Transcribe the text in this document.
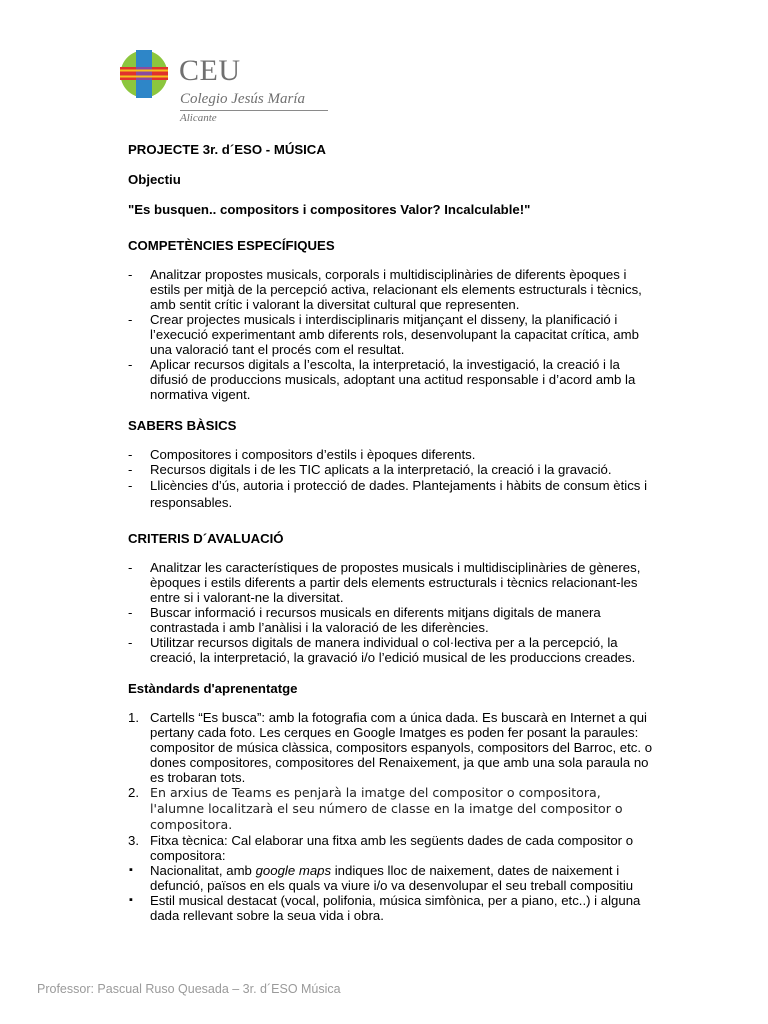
CEU
Colegio Jesús María
Alicante

PROJECTE 3r. d´ESO - MÚSICA

Objectiu

"Es busquen.. compositors i compositores Valor? Incalculable!"

COMPETÈNCIES ESPECÍFIQUES

- Analitzar propostes musicals, corporals i multidisciplinàries de diferents èpoques i estils per mitjà de la percepció activa, relacionant els elements estructurals i tècnics, amb sentit crític i valorant la diversitat cultural que representen.
- Crear projectes musicals i interdisciplinaris mitjançant el disseny, la planificació i l’execució experimentant amb diferents rols, desenvolupant la capacitat crítica, amb una valoració tant el procés com el resultat.
- Aplicar recursos digitals a l’escolta, la interpretació, la investigació, la creació i la difusió de produccions musicals, adoptant una actitud responsable i d’acord amb la normativa vigent.

SABERS BÀSICS

- Compositores i compositors d’estils i èpoques diferents.
- Recursos digitals i de les TIC aplicats a la interpretació, la creació i la gravació.
- Llicències d’ús, autoria i protecció de dades. Plantejaments i hàbits de consum ètics i responsables.

CRITERIS D´AVALUACIÓ

- Analitzar les característiques de propostes musicals i multidisciplinàries de gèneres, èpoques i estils diferents a partir dels elements estructurals i tècnics relacionant-les entre si i valorant-ne la diversitat.
- Buscar informació i recursos musicals en diferents mitjans digitals de manera contrastada i amb l’anàlisi i la valoració de les diferències.
- Utilitzar recursos digitals de manera individual o col·lectiva per a la percepció, la creació, la interpretació, la gravació i/o l’edició musical de les produccions creades.

Estàndards d'aprenentatge

1. Cartells “Es busca”: amb la fotografia com a única dada. Es buscarà en Internet a qui pertany cada foto. Les cerques en Google Imatges es poden fer posant la paraules: compositor de música clàssica, compositors espanyols, compositors del Barroc, etc. o dones compositores, compositores del Renaixement, ja que amb una sola paraula no es trobaran tots.
2. En arxius de Teams es penjarà la imatge del compositor o compositora, l'alumne localitzarà el seu número de classe en la imatge del compositor o compositora.
3. Fitxa tècnica: Cal elaborar una fitxa amb les següents dades de cada compositor o compositora:
▪ Nacionalitat, amb google maps indiques lloc de naixement, dates de naixement i defunció, països en els quals va viure i/o va desenvolupar el seu treball compositiu
▪ Estil musical destacat (vocal, polifonia, música simfònica, per a piano, etc..) i alguna dada rellevant sobre la seua vida i obra.
Professor: Pascual Ruso Quesada – 3r. d´ESO Música
